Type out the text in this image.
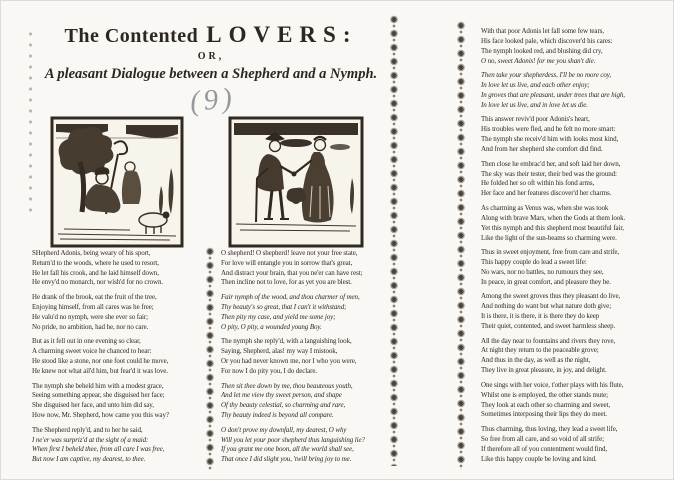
The Contented LOVERS:
OR,
A pleasant Dialogue between a Shepherd and a Nymph.
(9)
SHepherd Adonis, being weary of his sport,
Return'd to the woods, where he used to resort,
He let fall his crook, and he laid himself down,
He envy'd no monarch, nor wish'd for no crown.
He drank of the brook, eat the fruit of the tree,
Enjoying himself, from all cares was he free;
He valu'd no nymph, were she ever so fair;
No pride, no ambition, had he, nor no care.
But as it fell out in one evening so clear,
A charming sweet voice he chanced to hear:
He stood like a stone, nor one foot could he move,
He knew not what ail'd him, but fear'd it was love.
The nymph she beheld him with a modest grace,
Seeing something appear, she disguised her face;
She disguised her face, and unto him did say,
How now, Mr. Shepherd, how came you this way?
The Shepherd reply'd, and to her he said,
I ne'er was surpriz'd at the sight of a maid:
When first I beheld thee, from all care I was free,
But now I am captive, my dearest, to thee.
O shepherd! O shepherd! leave not your free state,
For love will entangle you in sorrow that's great,
And distract your brain, that you ne'er can have rest;
Then incline not to love, for as yet you are blest.
Fair nymph of the wood, and thou charmer of men,
Thy beauty's so great, that I can't it withstand;
Then pity my case, and yield me some joy;
O pity, O pity, a wounded young Boy.
The nymph she reply'd, with a languishing look,
Saying, Shepherd, alas! my way I mistook,
Or you had never known me, nor I who you were,
For now I do pity you, I do declare.
Then sit thee down by me, thou beauteous youth,
And let me view thy sweet person, and shape
Of thy beauty celestial, so charming and rare,
Thy beauty indeed is beyond all compare.
O don't prove my downfall, my dearest, O why
Will you let your poor shepherd thus languishing lie?
If you grant me one boon, all the world shall see,
That once I did slight you, 'twill bring joy to me.
With that poor Adonis let fall some few tears,
His face looked pale, which discover'd his cares:
The nymph looked red, and blushing did cry,
O no, sweet Adonis! for me you shan't die.
Then take your shepherdess, I'll be no more coy,
In love let us live, and each other enjoy;
In groves that are pleasant, under trees that are high,
In love let us live, and in love let us die.
This answer reviv'd poor Adonis's heart,
His troubles were fled, and he felt no more smart:
The nymph she receiv'd him with looks most kind,
And from her shepherd she comfort did find.
Then close he embrac'd her, and soft laid her down,
The sky was their tester, their bed was the ground:
He folded her so oft within his fond arms,
Her face and her features discover'd her charms.
As charming as Venus was, when she was took
Along with brave Mars, when the Gods at them look.
Yet this nymph and this shepherd most beautiful fair,
Like the light of the sun-beams so charming were.
Thus in sweet enjoyment, free from care and strife,
This happy couple do lead a sweet life:
No wars, nor no battles, no rumours they see,
In peace, in great comfort, and pleasure they be.
Among the sweet groves thus they pleasant do live,
And nothing do want but what nature doth give;
It is there, it is there, it is there they do keep
Their quiet, contented, and sweet harmless sheep.
All the day near to fountains and rivers they rove,
At night they return to the peaceable grove;
And thus in the day, as well as the night,
They live in great pleasure, in joy, and delight.
One sings with her voice, t'other plays with his flute,
Whilst one is employed, the other stands mute;
They look at each other so charming and sweet,
Sometimes interposing their lips they do meet.
Thus charming, thus loving, they lead a sweet life,
So free from all care, and so void of all strife;
If therefore all of you contentment would find,
Like this happy couple be loving and kind.
